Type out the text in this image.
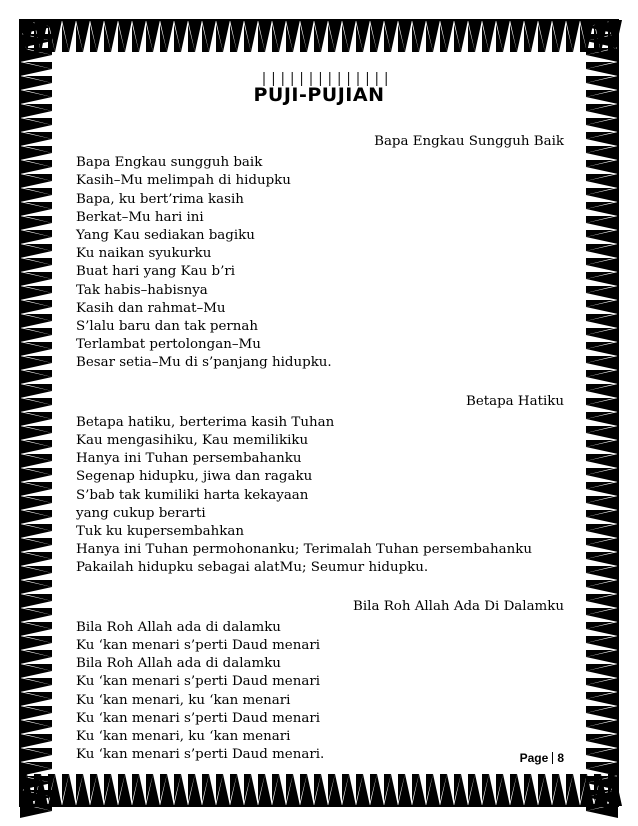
PUJI-PUJIAN
Bapa Engkau Sungguh Baik
Bapa Engkau sungguh baik
Kasih–Mu melimpah di hidupku
Bapa, ku bert’rima kasih
Berkat–Mu hari ini
Yang Kau sediakan bagiku
Ku naikan syukurku
Buat hari yang Kau b’ri
Tak habis–habisnya
Kasih dan rahmat–Mu
S’lalu baru dan tak pernah
Terlambat pertolongan–Mu
Besar setia–Mu di s’panjang hidupku.
Betapa Hatiku
Betapa hatiku, berterima kasih Tuhan
Kau mengasihiku, Kau memilikiku
Hanya ini Tuhan persembahanku
Segenap hidupku, jiwa dan ragaku
S’bab tak kumiliki harta kekayaan
yang cukup berarti
Tuk ku kupersembahkan
Hanya ini Tuhan permohonanku; Terimalah Tuhan persembahanku
Pakailah hidupku sebagai alatMu; Seumur hidupku.
Bila Roh Allah Ada Di Dalamku
Bila Roh Allah ada di dalamku
Ku ‘kan menari s’perti Daud menari
Bila Roh Allah ada di dalamku
Ku ‘kan menari s’perti Daud menari
Ku ‘kan menari, ku ‘kan menari
Ku ‘kan menari s’perti Daud menari
Ku ‘kan menari, ku ‘kan menari
Ku ‘kan menari s’perti Daud menari.	Page 8
